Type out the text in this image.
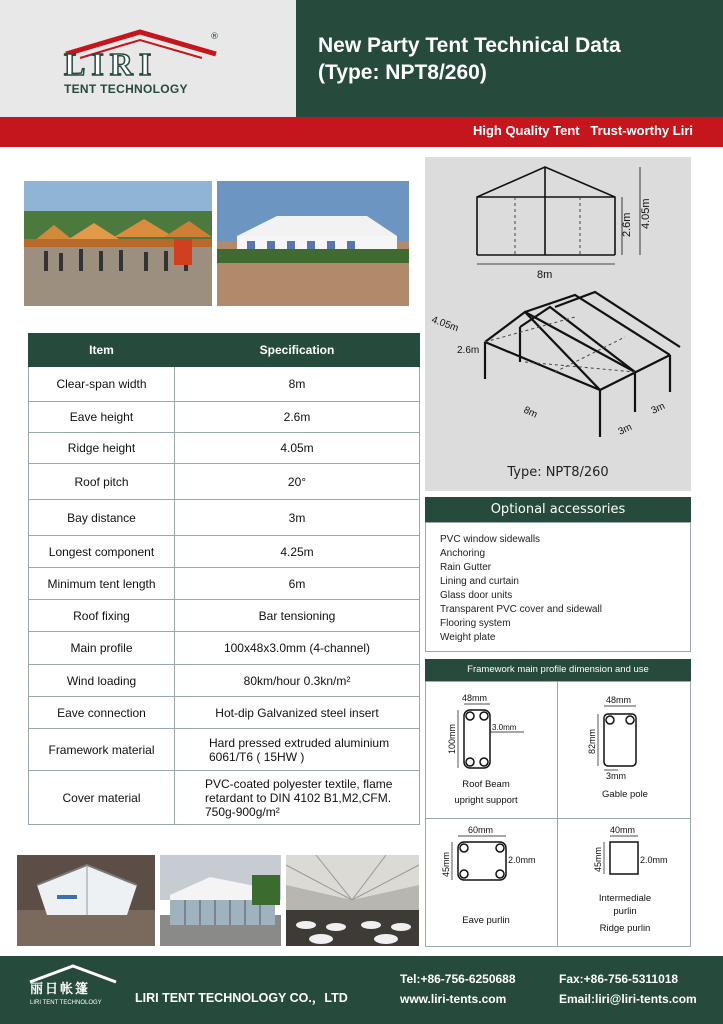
LIRI
®
TENT TECHNOLOGY
New Party Tent Technical Data
(Type: NPT8/260)
High Quality Tent   Trust-worthy Liri
Item	Specification
Clear-span width	8m
Eave height	2.6m
Ridge height	4.05m
Roof pitch	20°
Bay distance	3m
Longest component	4.25m
Minimum tent length	6m
Roof fixing	Bar tensioning
Main profile	100x48x3.0mm (4-channel)
Wind loading	80km/hour 0.3kn/m²
Eave connection	Hot-dip Galvanized steel insert
Framework material	Hard pressed extruded aluminium 6061/T6 ( 15HW )
Cover material	PVC-coated polyester textile, flame retardant to DIN 4102 B1,M2,CFM. 750g-900g/m²
8m
2.6m 4.05m
4.05m
2.6m
8m
3m
3m
Type: NPT8/260
Optional accessories
PVC window sidewalls
Anchoring
Rain Gutter
Lining and curtain
Glass door units
Transparent PVC cover and sidewall
Flooring system
Weight plate
Framework main profile dimension and use
48mm
100mm	3.0mm
48mm
82mm
3mm
60mm
45mm	2.0mm
40mm
45mm	2.0mm
Roof Beam
upright support
Gable pole
Eave purlin
Intermediale
purlin
Ridge purlin
丽日帐篷
LIRI TENT TECHNOLOGY	LIRI TENT TECHNOLOGY CO.，LTD
Tel:+86-756-6250688	Fax:+86-756-5311018
www.liri-tents.com	Email:liri@liri-tents.com
